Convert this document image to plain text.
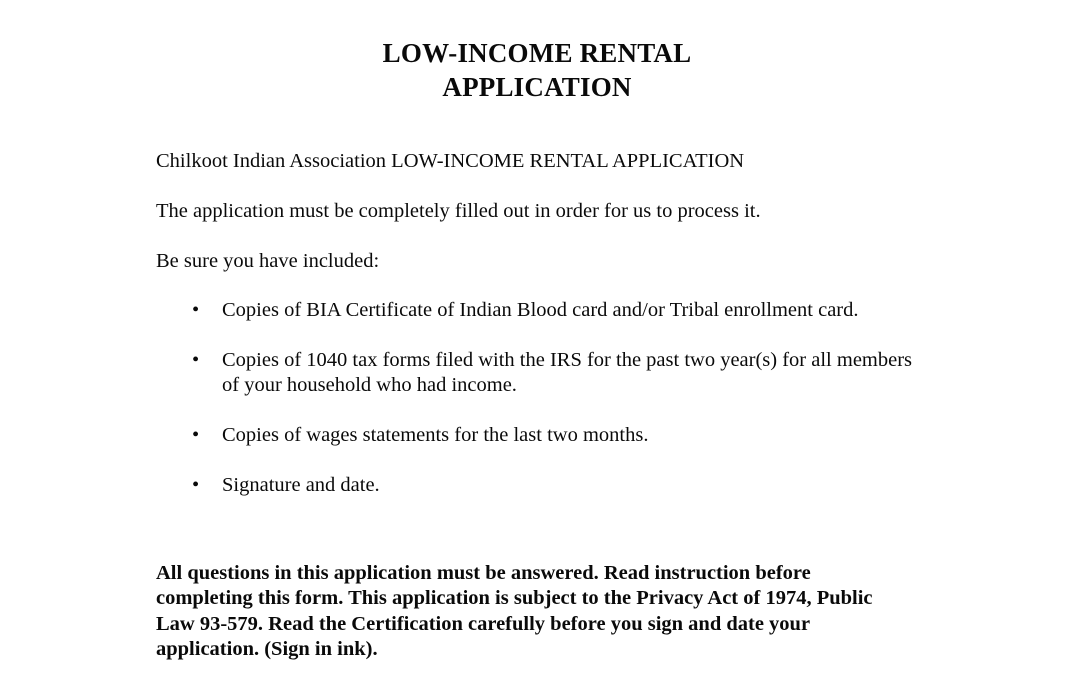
LOW-INCOME RENTAL
APPLICATION

Chilkoot Indian Association LOW-INCOME RENTAL APPLICATION

The application must be completely filled out in order for us to process it.

Be sure you have included:

• Copies of BIA Certificate of Indian Blood card and/or Tribal enrollment card.
• Copies of 1040 tax forms filed with the IRS for the past two year(s) for all members of your household who had income.
• Copies of wages statements for the last two months.
• Signature and date.

All questions in this application must be answered. Read instruction before completing this form. This application is subject to the Privacy Act of 1974, Public Law 93-579. Read the Certification carefully before you sign and date your application. (Sign in ink).
